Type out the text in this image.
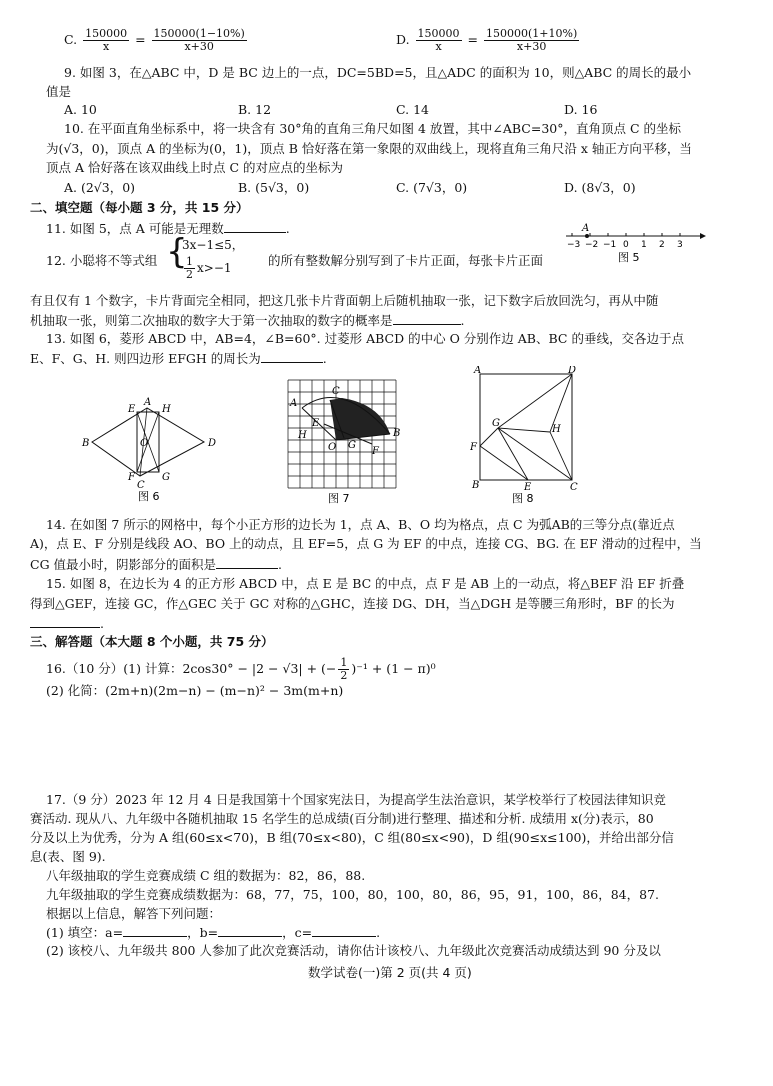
C. $\frac{150000}{x} = \frac{150000(1-10\%)}{x+30}$	D. $\frac{150000}{x} = \frac{150000(1+10\%)}{x+30}$
9. 如图 3，在△ABC 中，D 是 BC 边上的一点，DC=5BD=5，且△ADC 的面积为 10，则△ABC 的周长的最小
值是
A. 10	B. 12	C. 14	D. 16
10. 在平面直角坐标系中，将一块含有 30°角的直角三角尺如图 4 放置，其中∠ABC=30°，直角顶点 C 的坐标
为(√3，0)，顶点 A 的坐标为(0，1)，顶点 B 恰好落在第一象限的双曲线上，现将直角三角尺沿 x 轴正方向平移，当
顶点 A 恰好落在该双曲线上时点 C 的对应点的坐标为
A. (2√3，0)	B. (5√3，0)	C. (7√3，0)	D. (8√3，0)
二、填空题（每小题 3 分，共 15 分）
11. 如图 5，点 A 可能是无理数	.	A
−3 −2 −1 0 1 2 3
图 5
12. 小聪将不等式组 {
3x−1≤5，
$\frac{1}{2} x>-1$	的所有整数解分别写到了卡片正面，每张卡片正面
有且仅有 1 个数字，卡片背面完全相同，把这几张卡片背面朝上后随机抽取一张，记下数字后放回洗匀，再从中随
机抽取一张，则第二次抽取的数字大于第一次抽取的数字的概率是	.
13. 如图 6，菱形 ABCD 中，AB=4，∠B=60°. 过菱形 ABCD 的中心 O 分别作边 AB、BC 的垂线，交各边于点
E、F、G、H. 则四边形 EFGH 的周长为	.
E
A
H
B	O	D
F
C
G
图 6
A
C
E
O G
F
B
H
图 7
A	D
G
H
F
B	E	C
图 8
14. 在如图 7 所示的网格中，每个小正方形的边长为 1，点 A、B、O 均为格点，点 C 为弧AB的三等分点(靠近点
A)，点 E、F 分别是线段 AO、BO 上的动点，且 EF=5，点 G 为 EF 的中点，连接 CG、BG. 在 EF 滑动的过程中，当
CG 值最小时，阴影部分的面积是	.
15. 如图 8，在边长为 4 的正方形 ABCD 中，点 E 是 BC 的中点，点 F 是 AB 上的一动点，将△BEF 沿 EF 折叠
得到△GEF，连接 GC，作△GEC 关于 GC 对称的△GHC，连接 DG、DH，当△DGH 是等腰三角形时，BF 的长为
.
三、解答题（本大题 8 个小题，共 75 分）
16.（10 分）(1) 计算：2cos30° − |2 − √3| + (− $\frac{1}{2} )^{-1} + (1 - \pi)^0$
(2) 化简：(2m+n)(2m−n) − (m−n)² − 3m(m+n)
17.（9 分）2023 年 12 月 4 日是我国第十个国家宪法日，为提高学生法治意识，某学校举行了校园法律知识竞
赛活动. 现从八、九年级中各随机抽取 15 名学生的总成绩(百分制)进行整理、描述和分析. 成绩用 x(分)表示，80
分及以上为优秀，分为 A 组(60≤x<70)，B 组(70≤x<80)，C 组(80≤x<90)，D 组(90≤x≤100)，并给出部分信
息(表、图 9).
八年级抽取的学生竞赛成绩 C 组的数据为：82，86，88.
九年级抽取的学生竞赛成绩数据为：68，77，75，100，80，100，80，86，95，91，100，86，84，87.
根据以上信息，解答下列问题：
(1) 填空：a=	，b=	，c=	.
(2) 该校八、九年级共 800 人参加了此次竞赛活动，请你估计该校八、九年级此次竞赛活动成绩达到 90 分及以
数学试卷(一)第 2 页(共 4 页)
